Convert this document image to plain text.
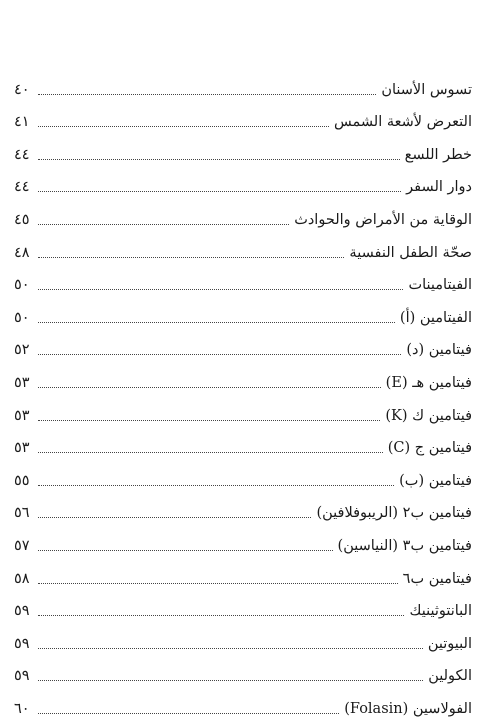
تسوس الأسنان
٤٠
التعرض لأشعة الشمس
٤١
خطر اللسع
٤٤
دوار السفر
٤٤
الوقاية من الأمراض والحوادث
٤٥
صحّة الطفل النفسية
٤٨
الفيتامينات
٥٠
الفيتامين (أ)
٥٠
فيتامين (د)
٥٢
فيتامين هـ (E)
٥٣
فيتامين ك (K)
٥٣
فيتامين ج (C)
٥٣
فيتامين (ب)
٥٥
فيتامين ب٢ (الريبوفلافين)
٥٦
فيتامين ب٣ (النياسين)
٥٧
فيتامين ب٦
٥٨
البانتوثينيك
٥٩
البيوتين
٥٩
الكولين
٥٩
الفولاسين (Folasin)
٦٠
